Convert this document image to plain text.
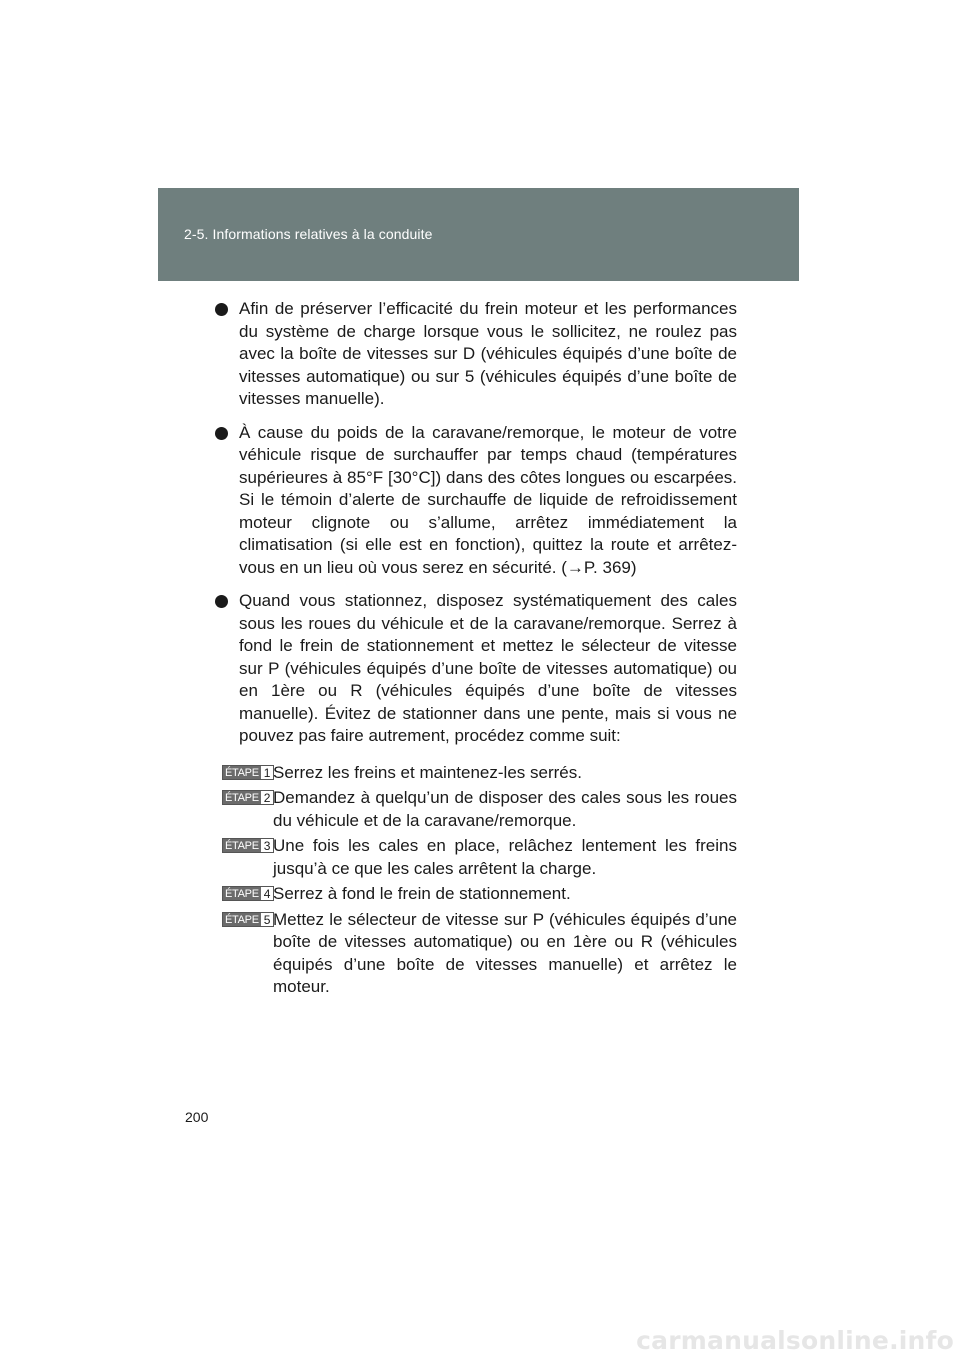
2-5. Informations relatives à la conduite
Afin de préserver l’efficacité du frein moteur et les performances du système de charge lorsque vous le sollicitez, ne roulez pas avec la boîte de vitesses sur D (véhicules équipés d’une boîte de vitesses automatique) ou sur 5 (véhicules équipés d’une boîte de vitesses manuelle).
À cause du poids de la caravane/remorque, le moteur de votre véhicule risque de surchauffer par temps chaud (températures supérieures à 85°F [30°C]) dans des côtes longues ou escarpées. Si le témoin d’alerte de surchauffe de liquide de refroidissement moteur clignote ou s’allume, arrêtez immédiatement la climatisation (si elle est en fonction), quittez la route et arrêtez-vous en un lieu où vous serez en sécurité. (→P. 369)
Quand vous stationnez, disposez systématiquement des cales sous les roues du véhicule et de la caravane/remorque. Serrez à fond le frein de stationnement et mettez le sélecteur de vitesse sur P (véhicules équipés d’une boîte de vitesses automatique) ou en 1ère ou R (véhicules équipés d’une boîte de vitesses manuelle). Évitez de stationner dans une pente, mais si vous ne pouvez pas faire autrement, procédez comme suit:
ÉTAPE 1 Serrez les freins et maintenez-les serrés.
ÉTAPE 2 Demandez à quelqu’un de disposer des cales sous les roues du véhicule et de la caravane/remorque.
ÉTAPE 3 Une fois les cales en place, relâchez lentement les freins jusqu’à ce que les cales arrêtent la charge.
ÉTAPE 4 Serrez à fond le frein de stationnement.
ÉTAPE 5 Mettez le sélecteur de vitesse sur P (véhicules équipés d’une boîte de vitesses automatique) ou en 1ère ou R (véhicules équipés d’une boîte de vitesses manuelle) et arrêtez le moteur.
200
carmanualsonline.info
